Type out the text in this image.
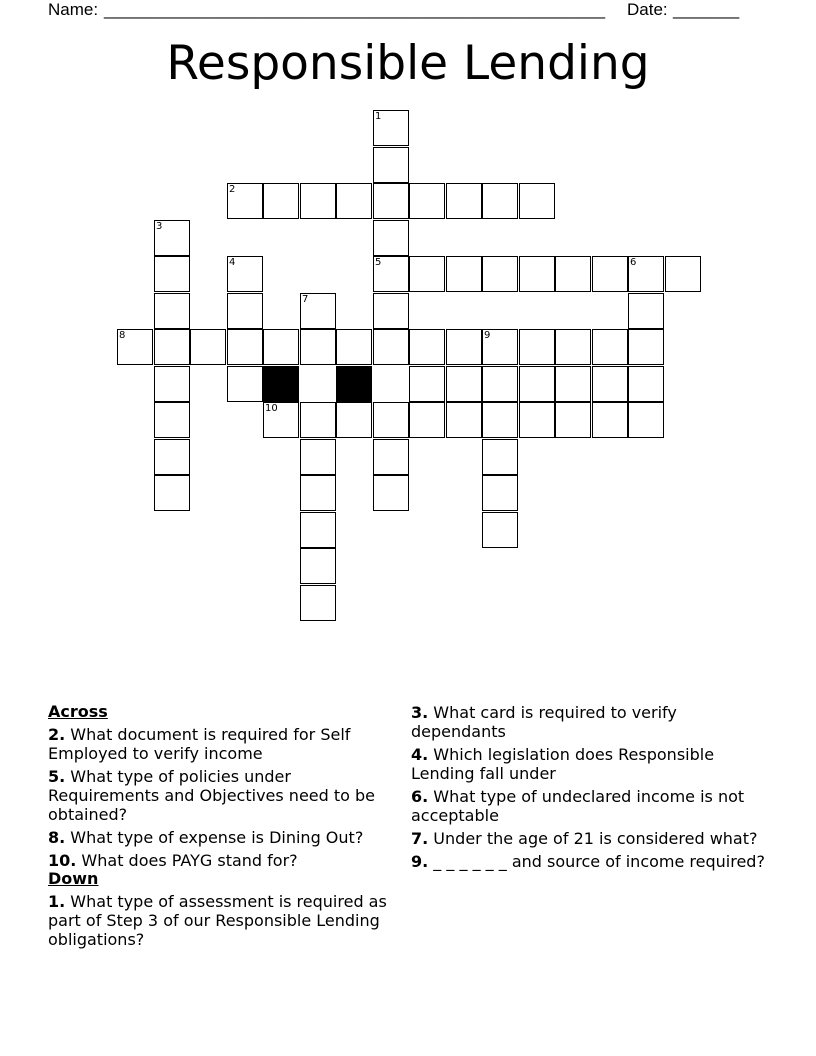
Name: _____________________________________________________ Date: _______
Responsible Lending
1
2
3
4	5	6
7
8	9
10
Across
2. What document is required for Self Employed to verify income
5. What type of policies under Requirements and Objectives need to be obtained?
8. What type of expense is Dining Out?
10. What does PAYG stand for?
Down
1. What type of assessment is required as part of Step 3 of our Responsible Lending obligations?
3. What card is required to verify dependants
4. Which legislation does Responsible Lending fall under
6. What type of undeclared income is not acceptable
7. Under the age of 21 is considered what?
9. _ _ _ _ _ _ and source of income required?
